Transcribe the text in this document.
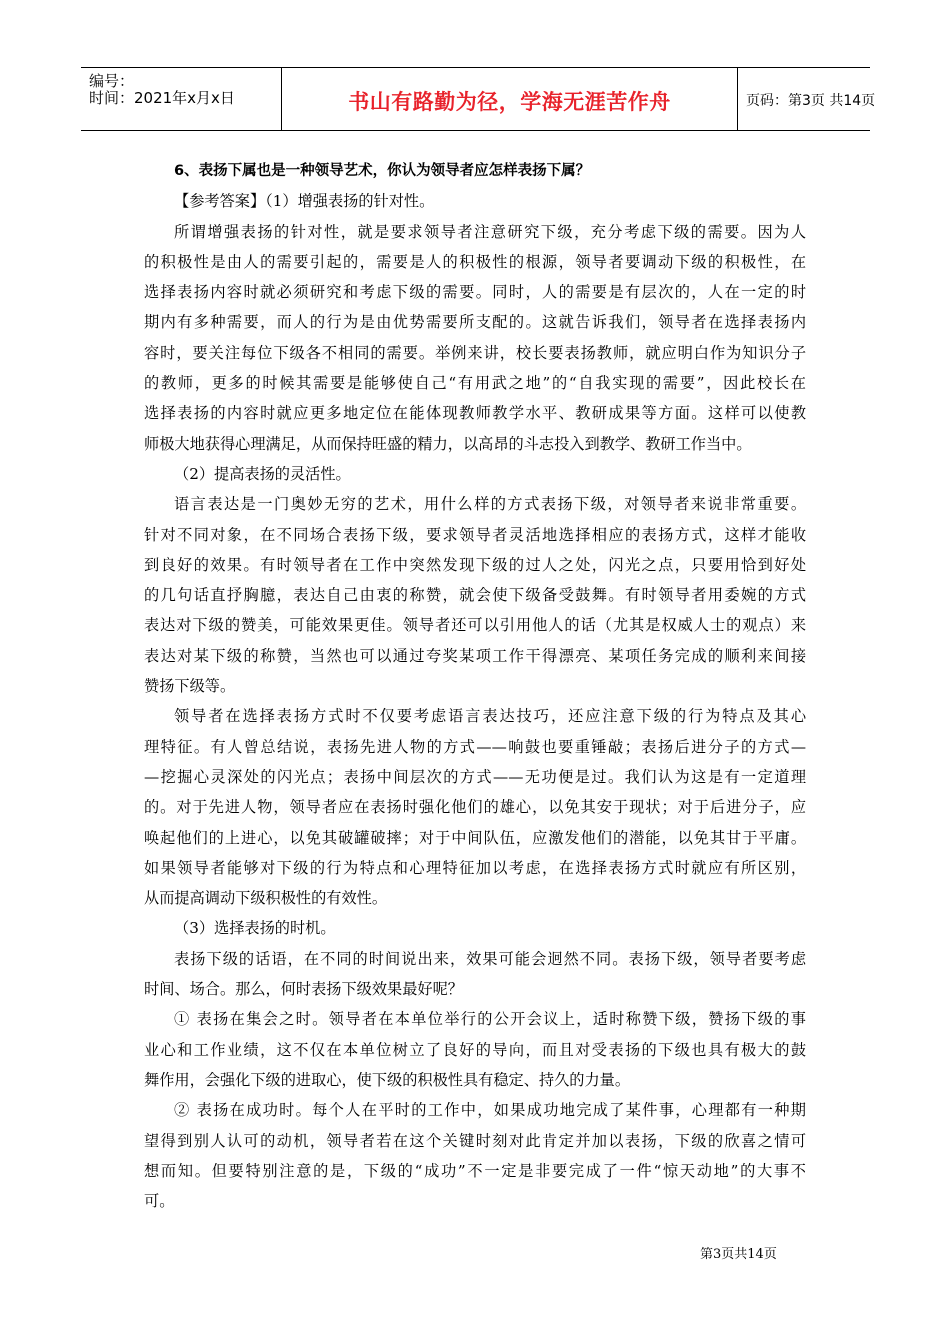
编号：
时间：2021年x月x日	书山有路勤为径，学海无涯苦作舟	页码：第3页 共14页

6、表扬下属也是一种领导艺术，你认为领导者应怎样表扬下属？

【参考答案】（1）增强表扬的针对性。

所谓增强表扬的针对性，就是要求领导者注意研究下级，充分考虑下级的需要。因为人

的积极性是由人的需要引起的，需要是人的积极性的根源，领导者要调动下级的积极性，在

选择表扬内容时就必须研究和考虑下级的需要。同时，人的需要是有层次的，人在一定的时

期内有多种需要，而人的行为是由优势需要所支配的。这就告诉我们，领导者在选择表扬内

容时，要关注每位下级各不相同的需要。举例来讲，校长要表扬教师，就应明白作为知识分子

的教师，更多的时候其需要是能够使自己“有用武之地”的“自我实现的需要”，因此校长在

选择表扬的内容时就应更多地定位在能体现教师教学水平、教研成果等方面。这样可以使教

师极大地获得心理满足，从而保持旺盛的精力，以高昂的斗志投入到教学、教研工作当中。

（2）提高表扬的灵活性。

语言表达是一门奥妙无穷的艺术，用什么样的方式表扬下级，对领导者来说非常重要。

针对不同对象，在不同场合表扬下级，要求领导者灵活地选择相应的表扬方式，这样才能收

到良好的效果。有时领导者在工作中突然发现下级的过人之处，闪光之点，只要用恰到好处

的几句话直抒胸臆，表达自己由衷的称赞，就会使下级备受鼓舞。有时领导者用委婉的方式

表达对下级的赞美，可能效果更佳。领导者还可以引用他人的话（尤其是权威人士的观点）来

表达对某下级的称赞，当然也可以通过夸奖某项工作干得漂亮、某项任务完成的顺利来间接

赞扬下级等。

领导者在选择表扬方式时不仅要考虑语言表达技巧，还应注意下级的行为特点及其心

理特征。有人曾总结说，表扬先进人物的方式——响鼓也要重锤敲；表扬后进分子的方式—

—挖掘心灵深处的闪光点；表扬中间层次的方式——无功便是过。我们认为这是有一定道理

的。对于先进人物，领导者应在表扬时强化他们的雄心，以免其安于现状；对于后进分子，应

唤起他们的上进心，以免其破罐破摔；对于中间队伍，应激发他们的潜能，以免其甘于平庸。

如果领导者能够对下级的行为特点和心理特征加以考虑，在选择表扬方式时就应有所区别，

从而提高调动下级积极性的有效性。

（3）选择表扬的时机。

表扬下级的话语，在不同的时间说出来，效果可能会迥然不同。表扬下级，领导者要考虑

时间、场合。那么，何时表扬下级效果最好呢？

① 表扬在集会之时。领导者在本单位举行的公开会议上，适时称赞下级，赞扬下级的事

业心和工作业绩，这不仅在本单位树立了良好的导向，而且对受表扬的下级也具有极大的鼓

舞作用，会强化下级的进取心，使下级的积极性具有稳定、持久的力量。

② 表扬在成功时。每个人在平时的工作中，如果成功地完成了某件事，心理都有一种期

望得到别人认可的动机，领导者若在这个关键时刻对此肯定并加以表扬，下级的欣喜之情可

想而知。但要特别注意的是，下级的“成功”不一定是非要完成了一件“惊天动地”的大事不

可。

第3页共14页
